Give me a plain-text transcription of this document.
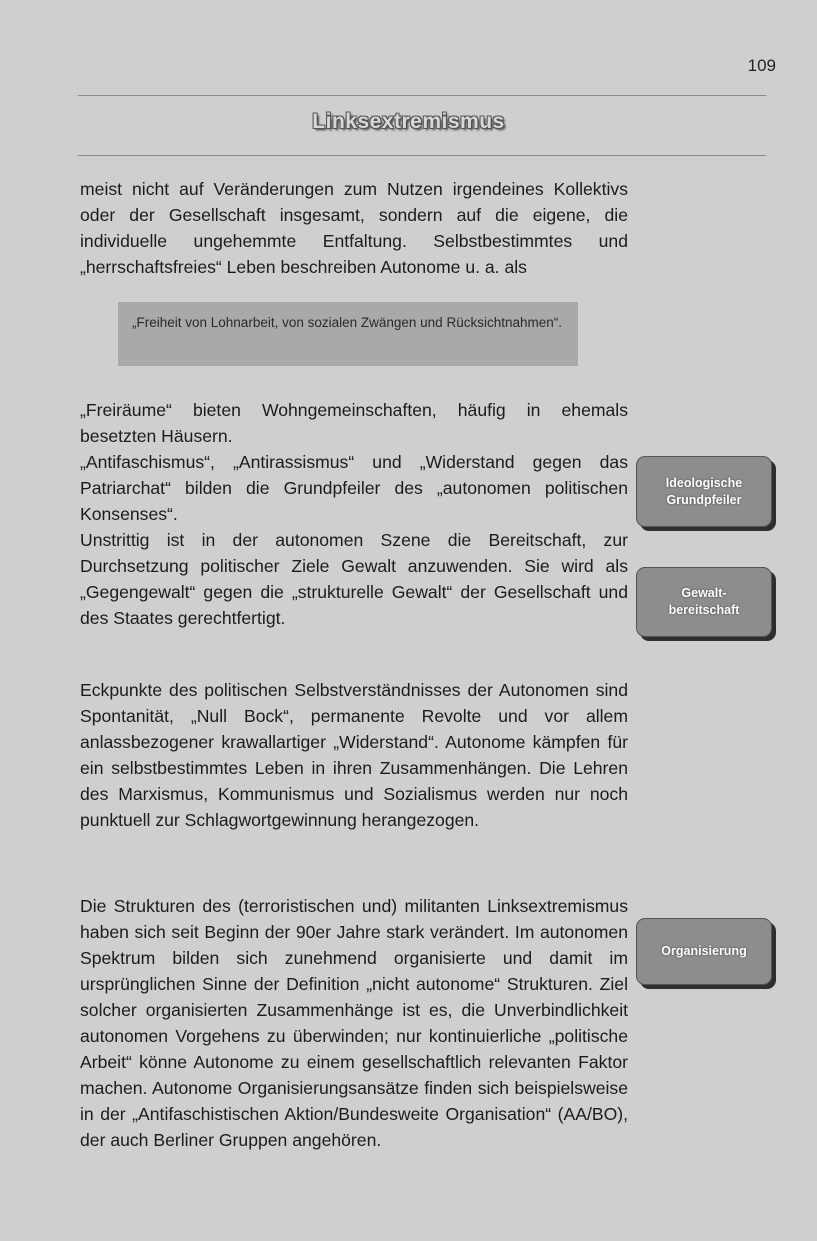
109
Linksextremismus

meist nicht auf Veränderungen zum Nutzen irgendeines Kollektivs oder der Gesellschaft insgesamt, sondern auf die eigene, die individuelle ungehemmte Entfaltung. Selbstbestimmtes und „herrschaftsfreies“ Leben beschreiben Autonome u. a. als

„Freiheit von Lohnarbeit, von sozialen Zwängen und Rücksichtnahmen“.

„Freiräume“ bieten Wohngemeinschaften, häufig in ehemals besetzten Häusern.

„Antifaschismus“, „Antirassismus“ und „Widerstand gegen das Patriarchat“ bilden die Grundpfeiler des „autonomen politischen Konsenses“.

Unstrittig ist in der autonomen Szene die Bereitschaft, zur Durchsetzung politischer Ziele Gewalt anzuwenden. Sie wird als „Gegengewalt“ gegen die „strukturelle Gewalt“ der Gesellschaft und des Staates gerechtfertigt.

Eckpunkte des politischen Selbstverständnisses der Autonomen sind Spontanität, „Null Bock“, permanente Revolte und vor allem anlassbezogener krawallartiger „Widerstand“. Autonome kämpfen für ein selbstbestimmtes Leben in ihren Zusammenhängen. Die Lehren des Marxismus, Kommunismus und Sozialismus werden nur noch punktuell zur Schlagwortgewinnung herangezogen.

Die Strukturen des (terroristischen und) militanten Linksextremismus haben sich seit Beginn der 90er Jahre stark verändert. Im autonomen Spektrum bilden sich zunehmend organisierte und damit im ursprünglichen Sinne der Definition „nicht autonome“ Strukturen. Ziel solcher organisierten Zusammenhänge ist es, die Unverbindlichkeit autonomen Vorgehens zu überwinden; nur kontinuierliche „politische Arbeit“ könne Autonome zu einem gesellschaftlich relevanten Faktor machen. Autonome Organisierungsansätze finden sich beispielsweise in der „Antifaschistischen Aktion/Bundesweite Organisation“ (AA/BO), der auch Berliner Gruppen angehören.

Ideologische
Grundpfeiler
Gewalt-
bereitschaft
Organisierung
